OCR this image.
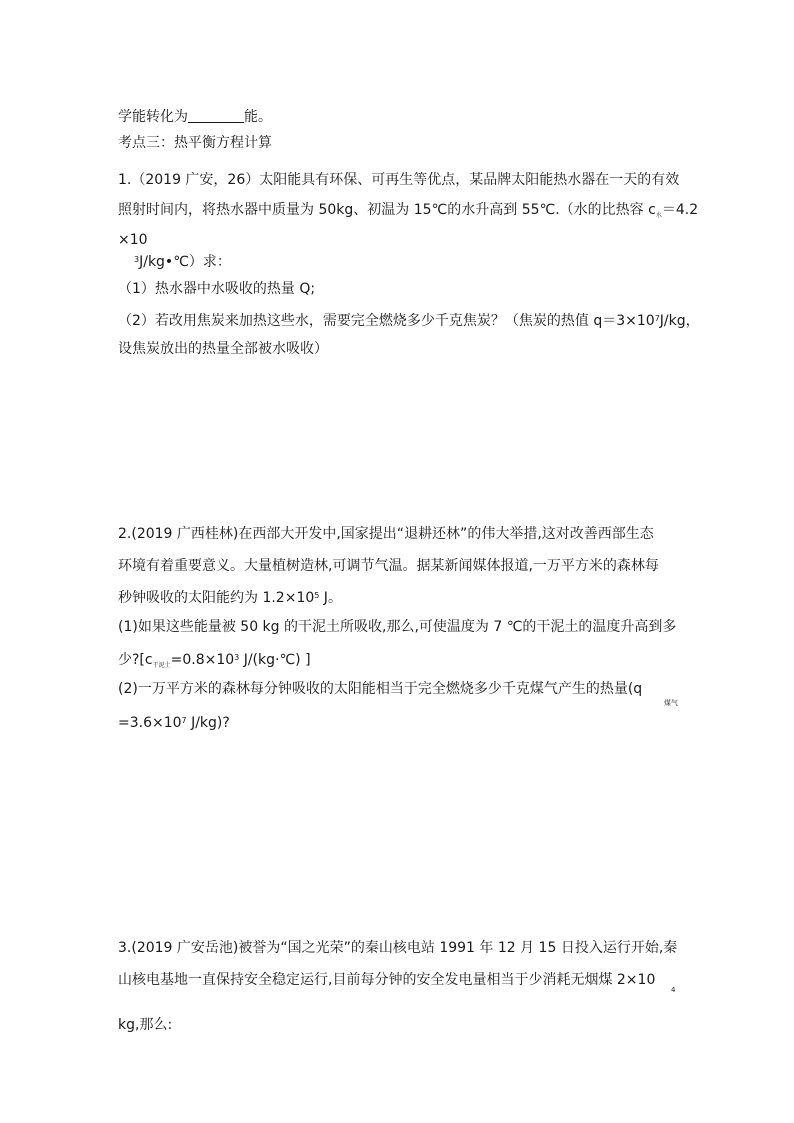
学能转化为	能。
考点三：热平衡方程计算
1.（2019 广安，26）太阳能具有环保、可再生等优点，某品牌太阳能热水器在一天的有效
照射时间内，将热水器中质量为 50kg、初温为 15℃的水升高到 55℃.（水的比热容 $c_水=4.2$
×10
$^3$J/kg•℃）求：
（1）热水器中水吸收的热量 Q;
（2）若改用焦炭来加热这些水，需要完全燃烧多少千克焦炭？（焦炭的热值 $q=3\times 10^7J/kg$，
设焦炭放出的热量全部被水吸收）
2.(2019 广西桂林)在西部大开发中,国家提出“退耕还林”的伟大举措,这对改善西部生态
环境有着重要意义。大量植树造林,可调节气温。据某新闻媒体报道,一万平方米的森林每
秒钟吸收的太阳能约为 $1.2\times 10^5$ J。
(1)如果这些能量被 50 kg 的干泥土所吸收,那么,可使温度为 7 ℃的干泥土的温度升高到多
少$?[c_{干泥土}=0.8\times 10^3$ J/(kg·℃) ]
(2)一万平方米的森林每分钟吸收的太阳能相当于完全燃烧多少千克煤气产生的热量(q
煤气
$=3.6\times 10^7$ J/kg)?
3.(2019 广安岳池)被誉为“国之光荣”的秦山核电站 1991 年 12 月 15 日投入运行开始,秦
山核电基地一直保持安全稳定运行,目前每分钟的安全发电量相当于少消耗无烟煤 2×10
4
kg,那么:
